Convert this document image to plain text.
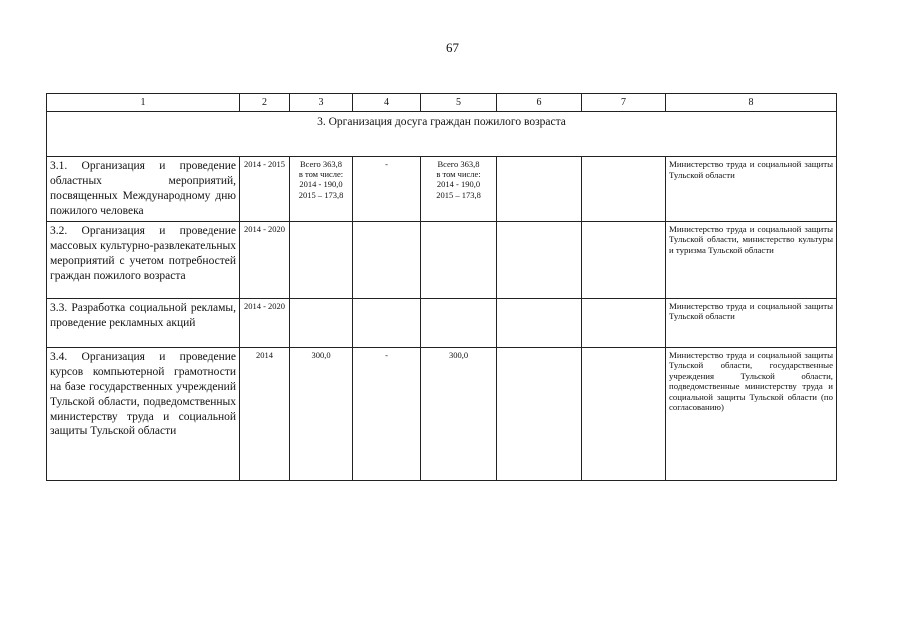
67
1	2	3	4	5	6	7	8
3. Организация досуга граждан пожилого возраста							
3.1. Организация и проведение областных мероприятий, посвященных Международному дню пожилого человека	2014 - 2015	Всего 363,8
в том числе:
2014 - 190,0
2015 – 173,8	-	Всего 363,8
в том числе:
2014 - 190,0
2015 – 173,8			Министерство труда и социальной защиты Тульской области
3.2. Организация и проведение массовых культурно-развлекательных мероприятий с учетом потребностей граждан пожилого возраста	2014 - 2020						Министерство труда и социальной защиты Тульской области, министерство культуры и туризма Тульской области
3.3. Разработка социальной рекламы, проведение рекламных акций	2014 - 2020						Министерство труда и социальной защиты Тульской области
3.4. Организация и проведение курсов компьютерной грамотности на базе государственных учреждений Тульской области, подведомственных министерству труда и социальной защиты Тульской области	2014	300,0	-	300,0			Министерство труда и социальной защиты Тульской области, государственные учреждения Тульской области, подведомственные министерству труда и социальной защиты Тульской области (по согласованию)
